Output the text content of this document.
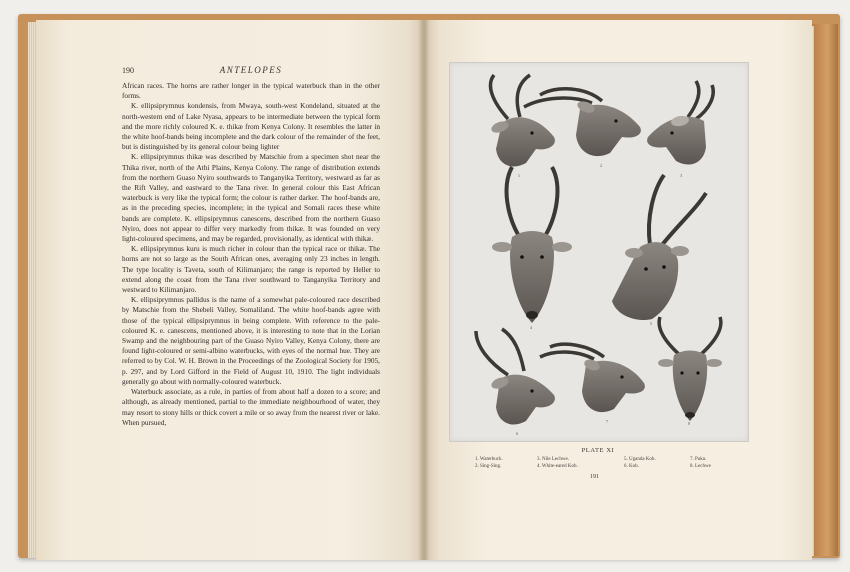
190	ANTELOPES

African races. The horns are rather longer in the typical waterbuck than in the other forms.

K. ellipsiprymnus kondensis, from Mwaya, south-west Kondeland, situated at the north-western end of Lake Nyasa, appears to be intermediate between the typical form and the more richly coloured K. e. thikæ from Kenya Colony. It resembles the latter in the white hoof-bands being incomplete and the dark colour of the remainder of the feet, but is distinguished by its general colour being lighter

K. ellipsiprymnus thikæ was described by Matschie from a specimen shot near the Thika river, north of the Athi Plains, Kenya Colony. The range of distribution extends from the northern Guaso Nyiro southwards to Tanganyika Territory, westward as far as the Rift Valley, and eastward to the Tana river. In general colour this East African waterbuck is very like the typical form; the colour is rather darker. The hoof-bands are, as in the preceding species, incomplete; in the typical and Somali races these white bands are complete. K. ellipsiprymnus canescens, described from the northern Guaso Nyiro, does not appear to differ very markedly from thikæ. It was founded on very light-coloured specimens, and may be regarded, provisionally, as identical with thikæ.

K. ellipsiprymnus kuru is much richer in colour than the typical race or thikæ. The horns are not so large as the South African ones, averaging only 23 inches in length. The type locality is Taveta, south of Kilimanjaro; the range is reported by Heller to extend along the coast from the Tana river southward to Tanganyika Territory and westward to Kilimanjaro.

K. ellipsiprymnus pallidus is the name of a somewhat pale-coloured race described by Matschie from the Shebeli Valley, Somaliland. The white hoof-bands agree with those of the typical ellipsiprymnus in being complete. With reference to the pale-coloured K. e. canescens, mentioned above, it is interesting to note that in the Lorian Swamp and the neighbouring part of the Guaso Nyiro Valley, Kenya Colony, there are found light-coloured or semi-albino waterbucks, with eyes of the normal hue. They are referred to by Col. W. H. Brown in the Proceedings of the Zoological Society for 1905, p. 297, and by Lord Gifford in the Field of August 10, 1910. The light individuals generally go about with normally-coloured waterbuck.

Waterbuck associate, as a rule, in parties of from about half a dozen to a score; and although, as already mentioned, partial to the immediate neighbourhood of water, they may resort to stony hills or thick covert a mile or so away from the nearest river or lake. When pursued,

1
2
3
4
5
6
7	8
PLATE XI
1. Waterbuck.
2. Sing-Sing.
3. Nile Lechwe.
4. White-eared Kob.
5. Uganda Kob.
6. Kob.
7. Puku.
8. Lechwe
191
